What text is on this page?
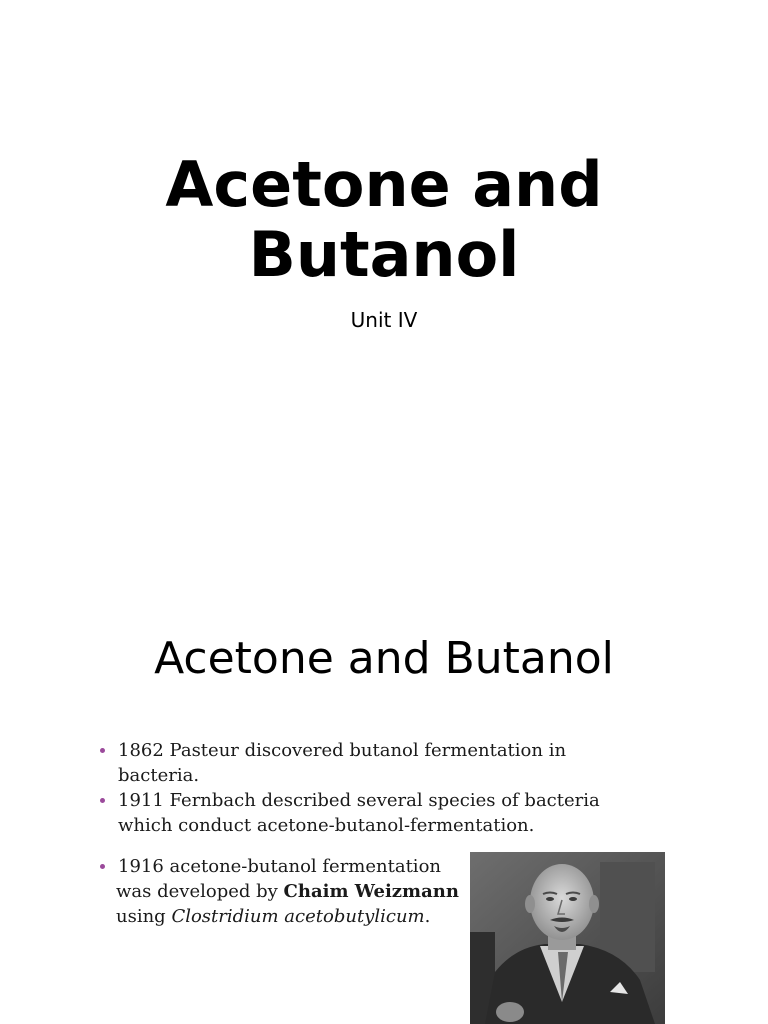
Acetone and
Butanol
Unit IV
Acetone and Butanol
1862 Pasteur discovered butanol fermentation in
bacteria.
1911 Fernbach described several species of bacteria
which conduct acetone-butanol-fermentation.
1916 acetone-butanol fermentation
was developed by Chaim Weizmann
using Clostridium acetobutylicum.
